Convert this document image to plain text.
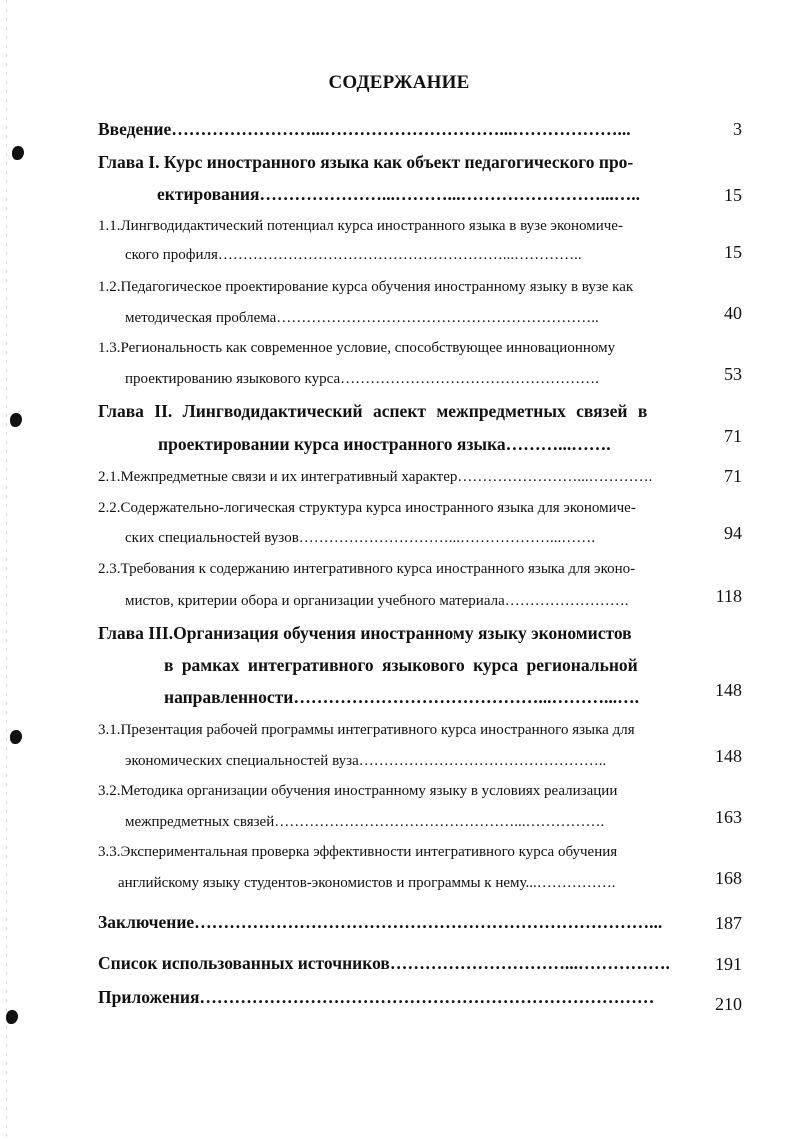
СОДЕРЖАНИЕ
Введение……………………...…………………………...………………...	3
Глава I. Курс иностранного языка как объект педагогического про-
ектирования…………………...………...……………………...…..	15
1.1.Лингводидактический потенциал курса иностранного языка в вузе экономиче-
ского профиля…………………………………………………...…………..	15
1.2.Педагогическое проектирование курса обучения иностранному языку в вузе как
методическая проблема………………………………………………………..	40
1.3.Региональность как современное условие, способствующее инновационному
проектированию языкового курса…………………………………………….	53
Глава II. Лингводидактический аспект межпредметных связей в
проектировании курса иностранного языка………...…….	71
2.1.Межпредметные связи и их интегративный характер……………………...………….	71
2.2.Содержательно-логическая структура курса иностранного языка для экономиче-
ских специальностей вузов…………………………...………………...…….	94
2.3.Требования к содержанию интегративного курса иностранного языка для эконо-
мистов, критерии обора и организации учебного материала…………………….	118
Глава III.Организация обучения иностранному языку экономистов
в рамках интегративного языкового курса региональной
направленности……………………………………...………...….	148
3.1.Презентация рабочей программы интегративного курса иностранного языка для
экономических специальностей вуза…………………………………………..	148
3.2.Методика организации обучения иностранному языку в условиях реализации
межпредметных связей…………………………………………...…………….	163
3.3.Экспериментальная проверка эффективности интегративного курса обучения
английскому языку студентов-экономистов и программы к нему...…………….	168
Заключение……………………………………………………………………...	187
Список использованных источников…………………………...…………….	191
Приложения……………………………………………………………………	210
